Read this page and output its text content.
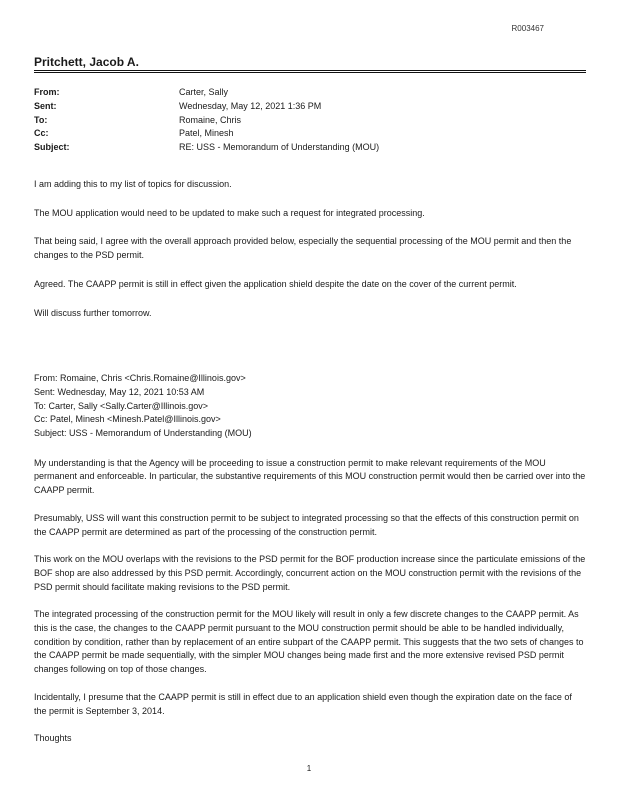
R003467
Pritchett, Jacob A.
From:	Carter, Sally
Sent:	Wednesday, May 12, 2021 1:36 PM
To:	Romaine, Chris
Cc:	Patel, Minesh
Subject:	RE: USS - Memorandum of Understanding (MOU)

I am adding this to my list of topics for discussion.

The MOU application would need to be updated to make such a request for integrated processing.

That being said, I agree with the overall approach provided below, especially the sequential processing of the MOU permit and then the changes to the PSD permit.

Agreed. The CAAPP permit is still in effect given the application shield despite the date on the cover of the current permit.

Will discuss further tomorrow.

From: Romaine, Chris <Chris.Romaine@Illinois.gov>
Sent: Wednesday, May 12, 2021 10:53 AM
To: Carter, Sally <Sally.Carter@Illinois.gov>
Cc: Patel, Minesh <Minesh.Patel@Illinois.gov>
Subject: USS - Memorandum of Understanding (MOU)

My understanding is that the Agency will be proceeding to issue a construction permit to make relevant requirements of the MOU permanent and enforceable. In particular, the substantive requirements of this MOU construction permit would then be carried over into the CAAPP permit.

Presumably, USS will want this construction permit to be subject to integrated processing so that the effects of this construction permit on the CAAPP permit are determined as part of the processing of the construction permit.

This work on the MOU overlaps with the revisions to the PSD permit for the BOF production increase since the particulate emissions of the BOF shop are also addressed by this PSD permit. Accordingly, concurrent action on the MOU construction permit with the revisions of the PSD permit should facilitate making revisions to the PSD permit.

The integrated processing of the construction permit for the MOU likely will result in only a few discrete changes to the CAAPP permit. As this is the case, the changes to the CAAPP permit pursuant to the MOU construction permit should be able to be handled individually, condition by condition, rather than by replacement of an entire subpart of the CAAPP permit. This suggests that the two sets of changes to the CAAPP permit be made sequentially, with the simpler MOU changes being made first and the more extensive revised PSD permit changes following on top of those changes.

Incidentally, I presume that the CAAPP permit is still in effect due to an application shield even though the expiration date on the face of the permit is September 3, 2014.

Thoughts

1
